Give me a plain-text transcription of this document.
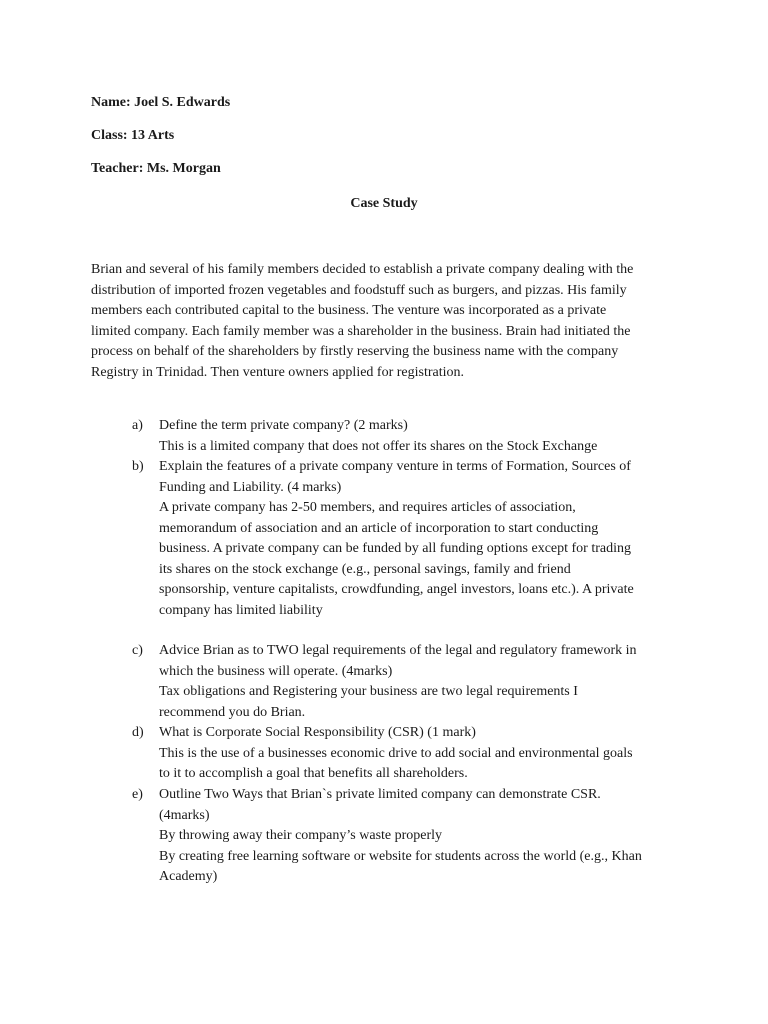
Name: Joel S. Edwards
Class: 13 Arts
Teacher: Ms. Morgan
Case Study
Brian and several of his family members decided to establish a private company dealing with the
distribution of imported frozen vegetables and foodstuff such as burgers, and pizzas. His family
members each contributed capital to the business. The venture was incorporated as a private
limited company. Each family member was a shareholder in the business. Brain had initiated the
process on behalf of the shareholders by firstly reserving the business name with the company
Registry in Trinidad. Then venture owners applied for registration.
a) Define the term private company? (2 marks)
This is a limited company that does not offer its shares on the Stock Exchange
b) Explain the features of a private company venture in terms of Formation, Sources of
Funding and Liability. (4 marks)
A private company has 2-50 members, and requires articles of association,
memorandum of association and an article of incorporation to start conducting
business. A private company can be funded by all funding options except for trading
its shares on the stock exchange (e.g., personal savings, family and friend
sponsorship, venture capitalists, crowdfunding, angel investors, loans etc.). A private
company has limited liability
c) Advice Brian as to TWO legal requirements of the legal and regulatory framework in
which the business will operate. (4marks)
Tax obligations and Registering your business are two legal requirements I
recommend you do Brian.
d) What is Corporate Social Responsibility (CSR) (1 mark)
This is the use of a businesses economic drive to add social and environmental goals
to it to accomplish a goal that benefits all shareholders.
e) Outline Two Ways that Brian`s private limited company can demonstrate CSR.
(4marks)
By throwing away their company’s waste properly
By creating free learning software or website for students across the world (e.g., Khan
Academy)
